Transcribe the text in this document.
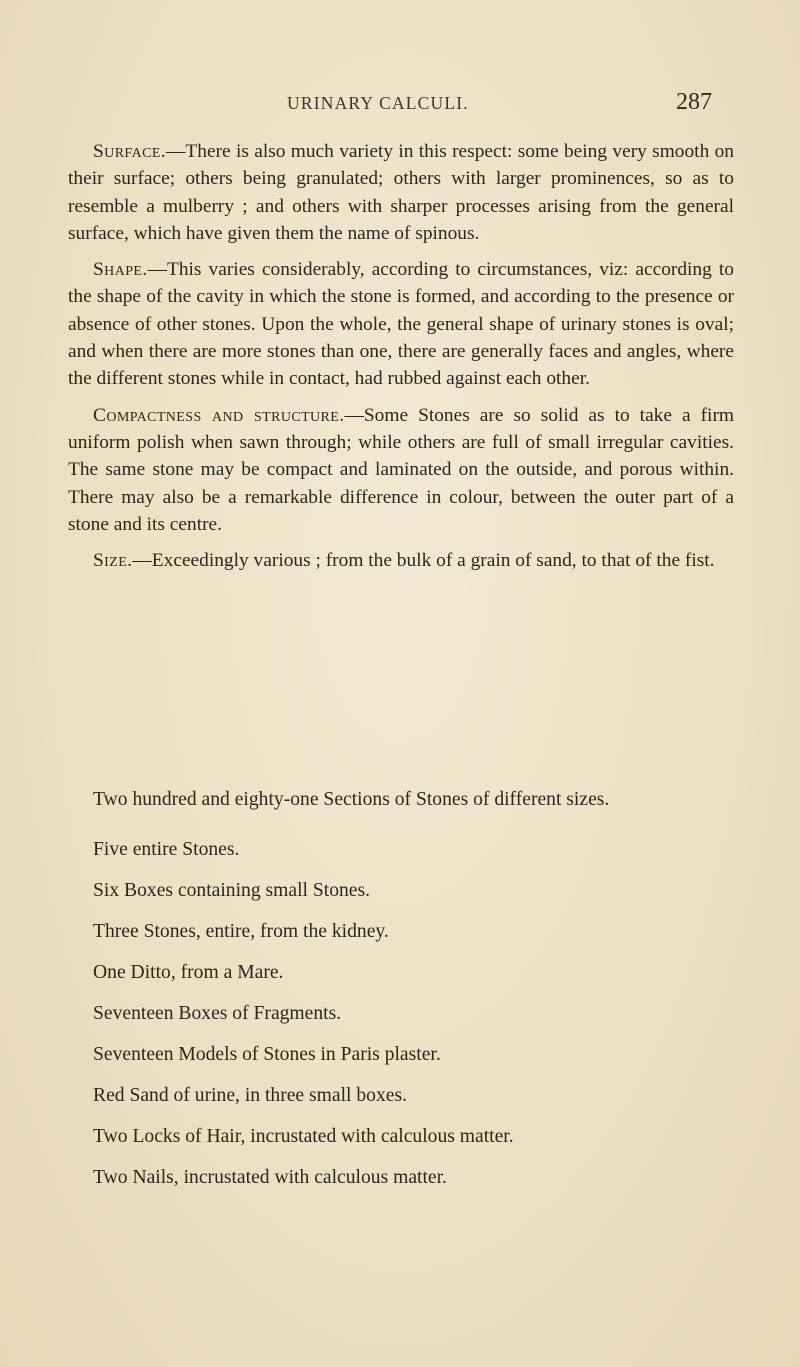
URINARY CALCULI.	287

Surface.—There is also much variety in this respect: some being very smooth on their surface; others being granulated; others with larger prominences, so as to resemble a mulberry ; and others with sharper processes arising from the general surface, which have given them the name of spinous.

Shape.—This varies considerably, according to circumstances, viz: according to the shape of the cavity in which the stone is formed, and according to the presence or absence of other stones. Upon the whole, the general shape of urinary stones is oval; and when there are more stones than one, there are generally faces and angles, where the different stones while in contact, had rubbed against each other.

Compactness and structure.—Some Stones are so solid as to take a firm uniform polish when sawn through; while others are full of small irregular cavities. The same stone may be compact and laminated on the outside, and porous within. There may also be a remarkable difference in colour, between the outer part of a stone and its centre.

Size.—Exceedingly various ; from the bulk of a grain of sand, to that of the fist.

Two hundred and eighty-one Sections of Stones of different sizes.

Five entire Stones.

Six Boxes containing small Stones.

Three Stones, entire, from the kidney.

One Ditto, from a Mare.

Seventeen Boxes of Fragments.

Seventeen Models of Stones in Paris plaster.

Red Sand of urine, in three small boxes.

Two Locks of Hair, incrustated with calculous matter.

Two Nails, incrustated with calculous matter.
